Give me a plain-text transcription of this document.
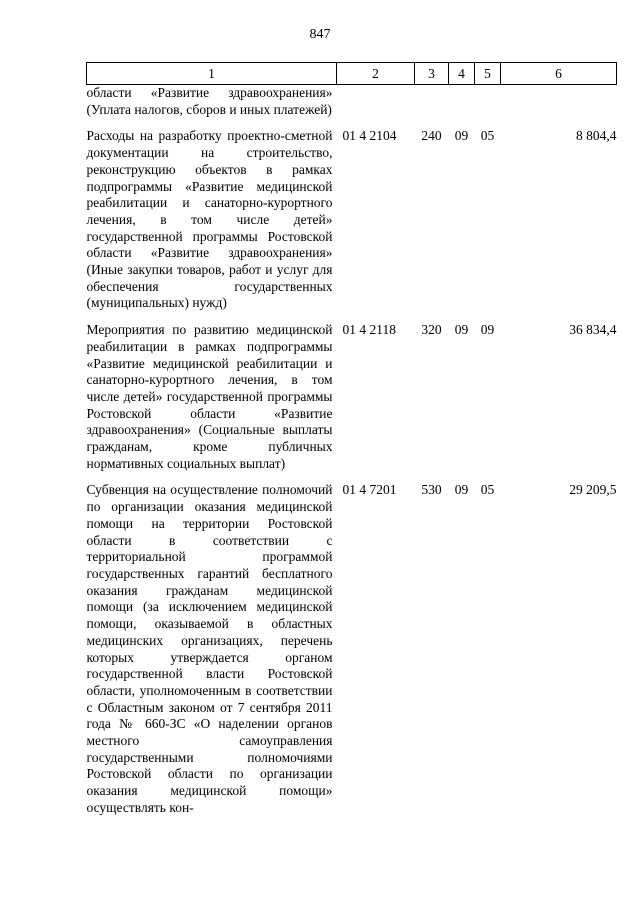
847
1	2	3	4	5	6
области «Развитие здравоохранения» (Уплата налогов, сборов и иных платежей)					
Расходы на разработку проектно-сметной документации на строительство, реконструкцию объектов в рамках подпрограммы «Развитие медицинской реабилитации и санаторно-курортного лечения, в том числе детей» государственной программы Ростовской области «Развитие здравоохранения» (Иные закупки товаров, работ и услуг для обеспечения государственных (муниципальных) нужд)	01 4 2104	240	09	05	8 804,4
Мероприятия по развитию медицинской реабилитации в рамках подпрограммы «Развитие медицинской реабилитации и санаторно-курортного лечения, в том числе детей» государственной программы Ростовской области «Развитие здравоохранения» (Социальные выплаты гражданам, кроме публичных нормативных социальных выплат)	01 4 2118	320	09	09	36 834,4
Субвенция на осуществление полномочий по организации оказания медицинской помощи на территории Ростовской области в соответствии с территориальной программой государственных гарантий бесплатного оказания гражданам медицинской помощи (за исключением медицинской помощи, оказываемой в областных медицинских организациях, перечень которых утверждается органом государственной власти Ростовской области, уполномоченным в соответствии с Областным законом от 7 сентября 2011 года № 660-ЗС «О наделении органов местного самоуправления государственными полномочиями Ростовской области по организации оказания медицинской помощи» осуществлять кон-	01 4 7201	530	09	05	29 209,5
